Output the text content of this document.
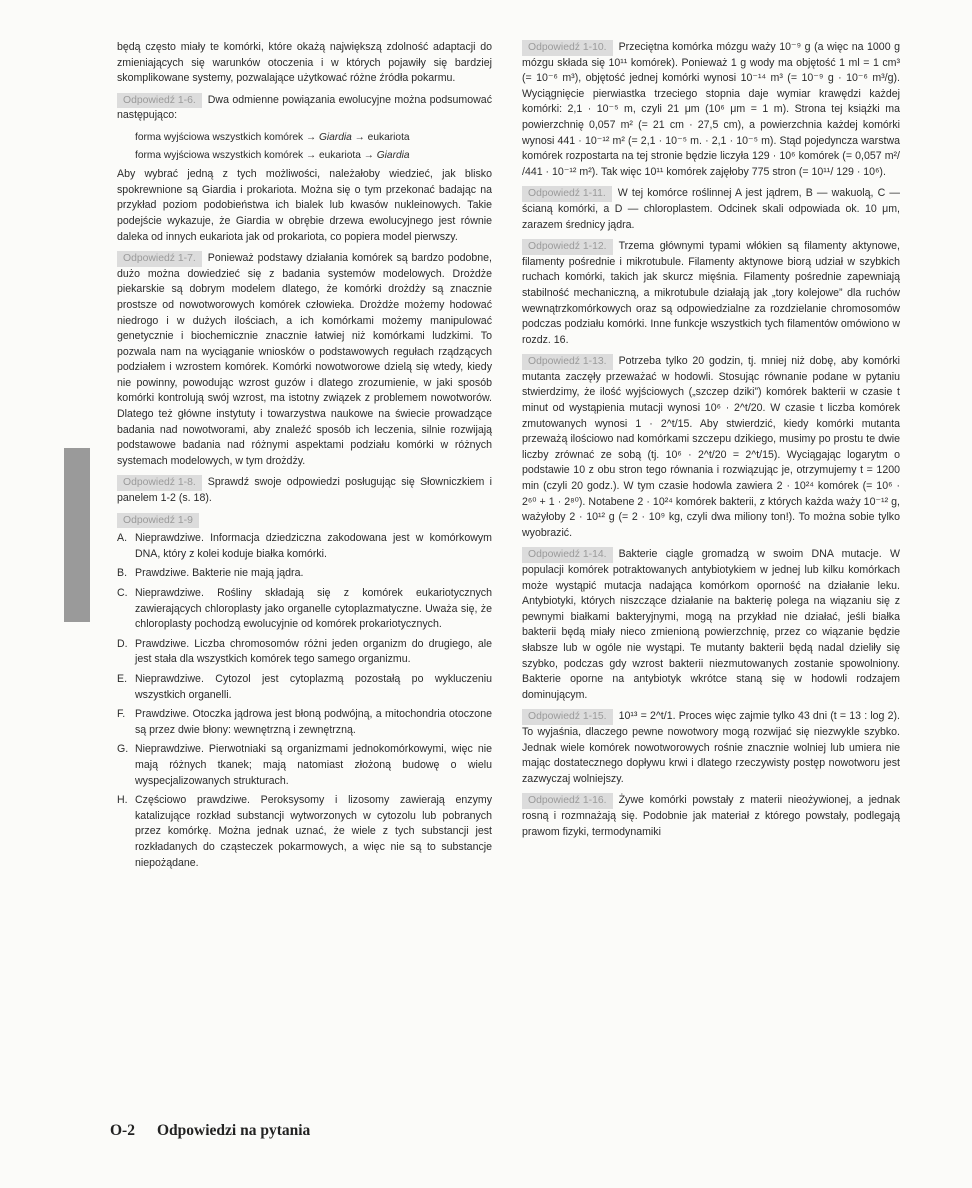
będą często miały te komórki, które okażą największą zdolność adaptacji do zmieniających się warunków otoczenia i w których pojawiły się bardziej skomplikowane systemy, pozwalające użytkować różne źródła pokarmu.

Odpowiedź 1-6. Dwa odmienne powiązania ewolucyjne można podsumować następująco:

forma wyjściowa wszystkich komórek → Giardia → eukariota
forma wyjściowa wszystkich komórek → eukariota → Giardia

Aby wybrać jedną z tych możliwości, należałoby wiedzieć, jak blisko spokrewnione są Giardia i prokariota. Można się o tym przekonać badając na przykład poziom podobieństwa ich bialek lub kwasów nukleinowych. Takie podejście wykazuje, że Giardia w obrębie drzewa ewolucyjnego jest równie daleka od innych eukariota jak od prokariota, co popiera model pierwszy.

Odpowiedź 1-7. Ponieważ podstawy działania komórek są bardzo podobne, dużo można dowiedzieć się z badania systemów modelowych. Drożdże piekarskie są dobrym modelem dlatego, że komórki drożdży są znacznie prostsze od nowotworowych komórek człowieka. Drożdże możemy hodować niedrogo i w dużych ilościach, a ich komórkami możemy manipulować genetycznie i biochemicznie znacznie łatwiej niż komórkami ludzkimi. To pozwala nam na wyciąganie wniosków o podstawowych regułach rządzących podziałem i wzrostem komórek. Komórki nowotworowe dzielą się wtedy, kiedy nie powinny, powodując wzrost guzów i dlatego zrozumienie, w jaki sposób komórki kontrolują swój wzrost, ma istotny związek z problemem nowotworów. Dlatego też główne instytuty i towarzystwa naukowe na świecie prowadzące badania nad nowotworami, aby znaleźć sposób ich leczenia, silnie rozwijają podstawowe badania nad różnymi aspektami podziału komórki w różnych systemach modelowych, w tym drożdży.

Odpowiedź 1-8. Sprawdź swoje odpowiedzi posługując się Słowniczkiem i panelem 1-2 (s. 18).

Odpowiedź 1-9

A. Nieprawdziwe. Informacja dziedziczna zakodowana jest w komórkowym DNA, który z kolei koduje białka komórki.
B. Prawdziwe. Bakterie nie mają jądra.
C. Nieprawdziwe. Rośliny składają się z komórek eukariotycznych zawierających chloroplasty jako organelle cytoplazmatyczne. Uważa się, że chloroplasty pochodzą ewolucyjnie od komórek prokariotycznych.
D. Prawdziwe. Liczba chromosomów różni jeden organizm do drugiego, ale jest stała dla wszystkich komórek tego samego organizmu.
E. Nieprawdziwe. Cytozol jest cytoplazmą pozostałą po wykluczeniu wszystkich organelli.
F. Prawdziwe. Otoczka jądrowa jest błoną podwójną, a mitochondria otoczone są przez dwie błony: wewnętrzną i zewnętrzną.
G. Nieprawdziwe. Pierwotniaki są organizmami jednokomórkowymi, więc nie mają różnych tkanek; mają natomiast złożoną budowę o wielu wyspecjalizowanych strukturach.
H. Częściowo prawdziwe. Peroksysomy i lizosomy zawierają enzymy katalizujące rozkład substancji wytworzonych w cytozolu lub pobranych przez komórkę. Można jednak uznać, że wiele z tych substancji jest rozkładanych do cząsteczek pokarmowych, a więc nie są to substancje niepożądane.

Odpowiedź 1-10. Przeciętna komórka mózgu waży 10⁻⁹ g (a więc na 1000 g mózgu składa się 10¹¹ komórek). Ponieważ 1 g wody ma objętość 1 ml = 1 cm³ (= 10⁻⁶ m³), objętość jednej komórki wynosi 10⁻¹⁴ m³ (= 10⁻⁹ g · 10⁻⁶ m³/g). Wyciągnięcie pierwiastka trzeciego stopnia daje wymiar krawędzi każdej komórki: 2,1 · 10⁻⁵ m, czyli 21 μm (10⁶ μm = 1 m). Strona tej książki ma powierzchnię 0,057 m² (= 21 cm · 27,5 cm), a powierzchnia każdej komórki wynosi 441 · 10⁻¹² m² (= 2,1 · 10⁻⁵ m. · 2,1 · 10⁻⁵ m). Stąd pojedyncza warstwa komórek rozpostarta na tej stronie będzie liczyła 129 · 10⁶ komórek (= 0,057 m²/ /441 · 10⁻¹² m²). Tak więc 10¹¹ komórek zajęłoby 775 stron (= 10¹¹/ 129 · 10⁶).

Odpowiedź 1-11. W tej komórce roślinnej A jest jądrem, B — wakuolą, C — ścianą komórki, a D — chloroplastem. Odcinek skali odpowiada ok. 10 μm, zarazem średnicy jądra.

Odpowiedź 1-12. Trzema głównymi typami włókien są filamenty aktynowe, filamenty pośrednie i mikrotubule. Filamenty aktynowe biorą udział w szybkich ruchach komórki, takich jak skurcz mięśnia. Filamenty pośrednie zapewniają stabilność mechaniczną, a mikrotubule działają jak „tory kolejowe” dla ruchów wewnątrzkomórkowych oraz są odpowiedzialne za rozdzielanie chromosomów podczas podziału komórki. Inne funkcje wszystkich tych filamentów omówiono w rozdz. 16.

Odpowiedź 1-13. Potrzeba tylko 20 godzin, tj. mniej niż dobę, aby komórki mutanta zaczęły przeważać w hodowli. Stosując równanie podane w pytaniu stwierdzimy, że ilość wyjściowych („szczep dziki”) komórek bakterii w czasie t minut od wystąpienia mutacji wynosi 10⁶ · 2^t/20. W czasie t liczba komórek zmutowanych wynosi 1 · 2^t/15. Aby stwierdzić, kiedy komórki mutanta przeważą ilościowo nad komórkami szczepu dzikiego, musimy po prostu te dwie liczby zrównać ze sobą (tj. 10⁶ · 2^t/20 = 2^t/15). Wyciągając logarytm o podstawie 10 z obu stron tego równania i rozwiązując je, otrzymujemy t = 1200 min (czyli 20 godz.). W tym czasie hodowla zawiera 2 · 10²⁴ komórek (= 10⁶ · 2⁶⁰ + 1 · 2⁸⁰). Notabene 2 · 10²⁴ komórek bakterii, z których każda waży 10⁻¹² g, ważyłoby 2 · 10¹² g (= 2 · 10⁹ kg, czyli dwa miliony ton!). To można sobie tylko wyobrazić.

Odpowiedź 1-14. Bakterie ciągle gromadzą w swoim DNA mutacje. W populacji komórek potraktowanych antybiotykiem w jednej lub kilku komórkach może wystąpić mutacja nadająca komórkom oporność na działanie leku. Antybiotyki, których niszczące działanie na bakterię polega na wiązaniu się z pewnymi białkami bakteryjnymi, mogą na przykład nie działać, jeśli białka bakterii będą miały nieco zmienioną powierzchnię, przez co wiązanie będzie słabsze lub w ogóle nie wystąpi. Te mutanty bakterii będą nadal dzieliły się szybko, podczas gdy wzrost bakterii niezmutowanych zostanie spowolniony. Bakterie oporne na antybiotyk wkrótce staną się w hodowli rodzajem dominującym.

Odpowiedź 1-15. 10¹³ = 2^t/1. Proces więc zajmie tylko 43 dni (t = 13 : log 2). To wyjaśnia, dlaczego pewne nowotwory mogą rozwijać się niezwykle szybko. Jednak wiele komórek nowotworowych rośnie znacznie wolniej lub umiera nie mając dostatecznego dopływu krwi i dlatego rzeczywisty postęp nowotworu jest zazwyczaj wolniejszy.

Odpowiedź 1-16. Żywe komórki powstały z materii nieożywionej, a jednak rosną i rozmnażają się. Podobnie jak materiał z którego powstały, podlegają prawom fizyki, termodynamiki

O-2 Odpowiedzi na pytania
